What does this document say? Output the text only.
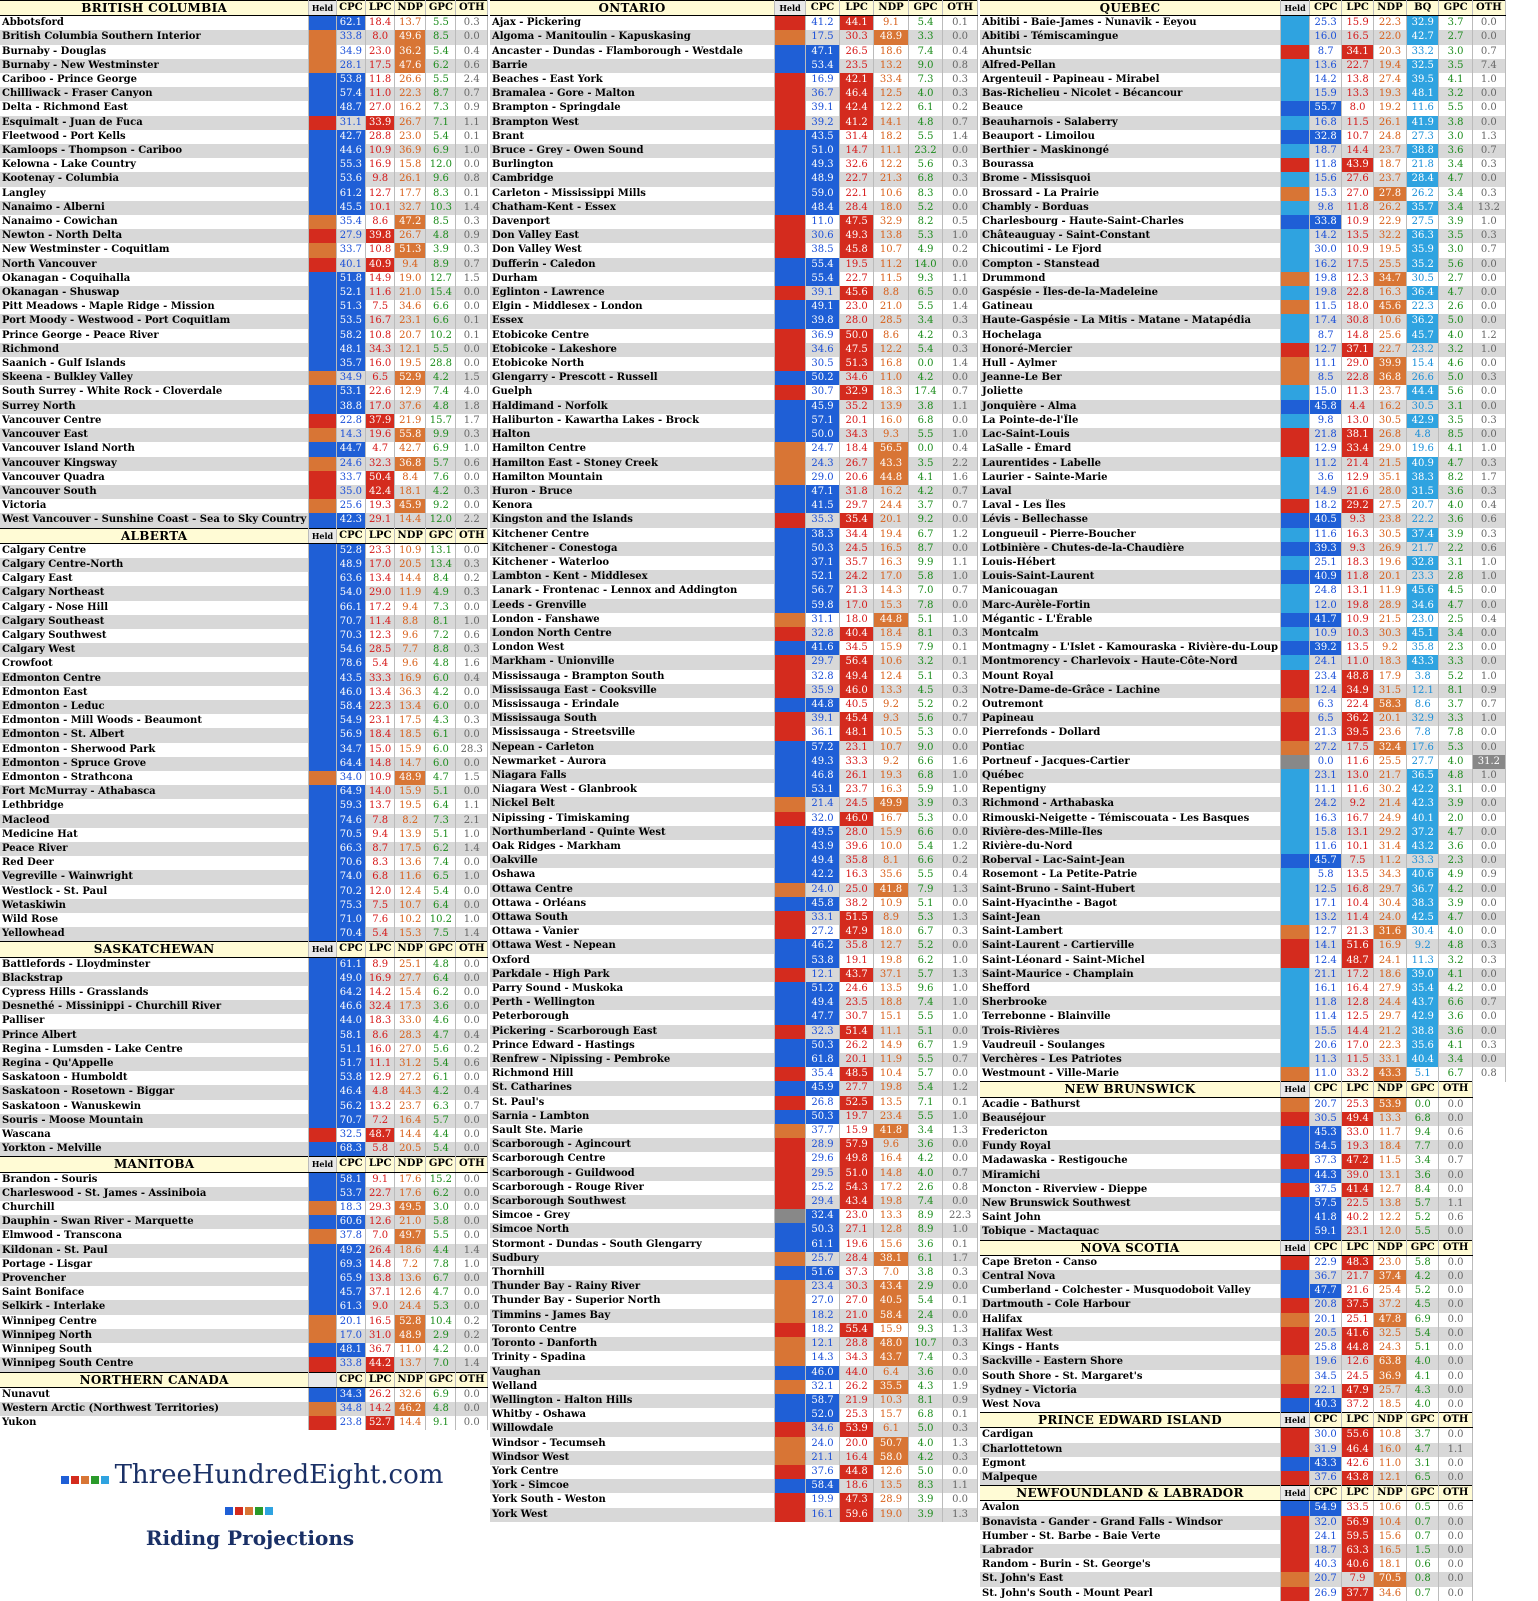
BRITISH COLUMBIA	Held	CPC	LPC	NDP	GPC	OTH
Abbotsford		62.1	18.4	13.7	5.5	0.3
British Columbia Southern Interior		33.8	8.0	49.6	8.5	0.0
Burnaby - Douglas		34.9	23.0	36.2	5.4	0.4
Burnaby - New Westminster		28.1	17.5	47.6	6.2	0.6
Cariboo - Prince George		53.8	11.8	26.6	5.5	2.4
Chilliwack - Fraser Canyon		57.4	11.0	22.3	8.7	0.7
Delta - Richmond East		48.7	27.0	16.2	7.3	0.9
Esquimalt - Juan de Fuca		31.1	33.9	26.7	7.1	1.1
Fleetwood - Port Kells		42.7	28.8	23.0	5.4	0.1
Kamloops - Thompson - Cariboo		44.6	10.9	36.9	6.9	1.0
Kelowna - Lake Country		55.3	16.9	15.8	12.0	0.0
Kootenay - Columbia		53.6	9.8	26.1	9.6	0.8
Langley		61.2	12.7	17.7	8.3	0.1
Nanaimo - Alberni		45.5	10.1	32.7	10.3	1.4
Nanaimo - Cowichan		35.4	8.6	47.2	8.5	0.3
Newton - North Delta		27.9	39.8	26.7	4.8	0.9
New Westminster - Coquitlam		33.7	10.8	51.3	3.9	0.3
North Vancouver		40.1	40.9	9.4	8.9	0.7
Okanagan - Coquihalla		51.8	14.9	19.0	12.7	1.5
Okanagan - Shuswap		52.1	11.6	21.0	15.4	0.0
Pitt Meadows - Maple Ridge - Mission		51.3	7.5	34.6	6.6	0.0
Port Moody - Westwood - Port Coquitlam		53.5	16.7	23.1	6.6	0.1
Prince George - Peace River		58.2	10.8	20.7	10.2	0.1
Richmond		48.1	34.3	12.1	5.5	0.0
Saanich - Gulf Islands		35.7	16.0	19.5	28.8	0.0
Skeena - Bulkley Valley		34.9	6.5	52.9	4.2	1.5
South Surrey - White Rock - Cloverdale		53.1	22.6	12.9	7.4	4.0
Surrey North		38.8	17.0	37.6	4.8	1.8
Vancouver Centre		22.8	37.9	21.9	15.7	1.7
Vancouver East		14.3	19.6	55.8	9.9	0.3
Vancouver Island North		44.7	4.7	42.7	6.9	1.0
Vancouver Kingsway		24.6	32.3	36.8	5.7	0.6
Vancouver Quadra		33.7	50.4	8.4	7.6	0.0
Vancouver South		35.0	42.4	18.1	4.2	0.3
Victoria		25.6	19.3	45.9	9.2	0.0
West Vancouver - Sunshine Coast - Sea to Sky Country		42.3	29.1	14.4	12.0	2.2
ALBERTA	Held	CPC	LPC	NDP	GPC	OTH
Calgary Centre		52.8	23.3	10.9	13.1	0.0
Calgary Centre-North		48.9	17.0	20.5	13.4	0.3
Calgary East		63.6	13.4	14.4	8.4	0.2
Calgary Northeast		54.0	29.0	11.9	4.9	0.3
Calgary - Nose Hill		66.1	17.2	9.4	7.3	0.0
Calgary Southeast		70.7	11.4	8.8	8.1	1.0
Calgary Southwest		70.3	12.3	9.6	7.2	0.6
Calgary West		54.6	28.5	7.7	8.8	0.3
Crowfoot		78.6	5.4	9.6	4.8	1.6
Edmonton Centre		43.5	33.3	16.9	6.0	0.4
Edmonton East		46.0	13.4	36.3	4.2	0.0
Edmonton - Leduc		58.4	22.3	13.4	6.0	0.0
Edmonton - Mill Woods - Beaumont		54.9	23.1	17.5	4.3	0.3
Edmonton - St. Albert		56.9	18.4	18.5	6.1	0.0
Edmonton - Sherwood Park		34.7	15.0	15.9	6.0	28.3
Edmonton - Spruce Grove		64.4	14.8	14.7	6.0	0.0
Edmonton - Strathcona		34.0	10.9	48.9	4.7	1.5
Fort McMurray - Athabasca		64.9	14.0	15.9	5.1	0.0
Lethbridge		59.3	13.7	19.5	6.4	1.1
Macleod		74.6	7.8	8.2	7.3	2.1
Medicine Hat		70.5	9.4	13.9	5.1	1.0
Peace River		66.3	8.7	17.5	6.2	1.4
Red Deer		70.6	8.3	13.6	7.4	0.0
Vegreville - Wainwright		74.0	6.8	11.6	6.5	1.0
Westlock - St. Paul		70.2	12.0	12.4	5.4	0.0
Wetaskiwin		75.3	7.5	10.7	6.4	0.0
Wild Rose		71.0	7.6	10.2	10.2	1.0
Yellowhead		70.4	5.4	15.3	7.5	1.4
SASKATCHEWAN	Held	CPC	LPC	NDP	GPC	OTH
Battlefords - Lloydminster		61.1	8.9	25.1	4.8	0.0
Blackstrap		49.0	16.9	27.7	6.4	0.0
Cypress Hills - Grasslands		64.2	14.2	15.4	6.2	0.0
Desnethé - Missinippi - Churchill River		46.6	32.4	17.3	3.6	0.0
Palliser		44.0	18.3	33.0	4.6	0.0
Prince Albert		58.1	8.6	28.3	4.7	0.4
Regina - Lumsden - Lake Centre		51.1	16.0	27.0	5.6	0.2
Regina - Qu'Appelle		51.7	11.1	31.2	5.4	0.6
Saskatoon - Humboldt		53.8	12.9	27.2	6.1	0.0
Saskatoon - Rosetown - Biggar		46.4	4.8	44.3	4.2	0.4
Saskatoon - Wanuskewin		56.2	13.2	23.7	6.3	0.7
Souris - Moose Mountain		70.7	7.2	16.4	5.7	0.0
Wascana		32.5	48.7	14.4	4.4	0.0
Yorkton - Melville		68.3	5.8	20.5	5.4	0.0
MANITOBA	Held	CPC	LPC	NDP	GPC	OTH
Brandon - Souris		58.1	9.1	17.6	15.2	0.0
Charleswood - St. James - Assiniboia		53.7	22.7	17.6	6.2	0.0
Churchill		18.3	29.3	49.5	3.0	0.0
Dauphin - Swan River - Marquette		60.6	12.6	21.0	5.8	0.0
Elmwood - Transcona		37.8	7.0	49.7	5.5	0.0
Kildonan - St. Paul		49.2	26.4	18.6	4.4	1.4
Portage - Lisgar		69.3	14.8	7.2	7.8	1.0
Provencher		65.9	13.8	13.6	6.7	0.0
Saint Boniface		45.7	37.1	12.6	4.7	0.0
Selkirk - Interlake		61.3	9.0	24.4	5.3	0.0
Winnipeg Centre		20.1	16.5	52.8	10.4	0.2
Winnipeg North		17.0	31.0	48.9	2.9	0.2
Winnipeg South		48.1	36.7	11.0	4.2	0.0
Winnipeg South Centre		33.8	44.2	13.7	7.0	1.4
NORTHERN CANADA		CPC	LPC	NDP	GPC	OTH
Nunavut		34.3	26.2	32.6	6.9	0.0
Western Arctic (Northwest Territories)		34.8	14.2	46.2	4.8	0.0
Yukon		23.8	52.7	14.4	9.1	0.0
ONTARIO	Held	CPC	LPC	NDP	GPC	OTH
Ajax - Pickering		41.2	44.1	9.1	5.4	0.1
Algoma - Manitoulin - Kapuskasing		17.5	30.3	48.9	3.3	0.0
Ancaster - Dundas - Flamborough - Westdale		47.1	26.5	18.6	7.4	0.4
Barrie		53.4	23.5	13.2	9.0	0.8
Beaches - East York		16.9	42.1	33.4	7.3	0.3
Bramalea - Gore - Malton		36.7	46.4	12.5	4.0	0.3
Brampton - Springdale		39.1	42.4	12.2	6.1	0.2
Brampton West		39.2	41.2	14.1	4.8	0.7
Brant		43.5	31.4	18.2	5.5	1.4
Bruce - Grey - Owen Sound		51.0	14.7	11.1	23.2	0.0
Burlington		49.3	32.6	12.2	5.6	0.3
Cambridge		48.9	22.7	21.3	6.8	0.3
Carleton - Mississippi Mills		59.0	22.1	10.6	8.3	0.0
Chatham-Kent - Essex		48.4	28.4	18.0	5.2	0.0
Davenport		11.0	47.5	32.9	8.2	0.5
Don Valley East		30.6	49.3	13.8	5.3	1.0
Don Valley West		38.5	45.8	10.7	4.9	0.2
Dufferin - Caledon		55.4	19.5	11.2	14.0	0.0
Durham		55.4	22.7	11.5	9.3	1.1
Eglinton - Lawrence		39.1	45.6	8.8	6.5	0.0
Elgin - Middlesex - London		49.1	23.0	21.0	5.5	1.4
Essex		39.8	28.0	28.5	3.4	0.3
Etobicoke Centre		36.9	50.0	8.6	4.2	0.3
Etobicoke - Lakeshore		34.6	47.5	12.2	5.4	0.3
Etobicoke North		30.5	51.3	16.8	0.0	1.4
Glengarry - Prescott - Russell		50.2	34.6	11.0	4.2	0.0
Guelph		30.7	32.9	18.3	17.4	0.7
Haldimand - Norfolk		45.9	35.2	13.9	3.8	1.1
Haliburton - Kawartha Lakes - Brock		57.1	20.1	16.0	6.8	0.0
Halton		50.0	34.3	9.3	5.5	1.0
Hamilton Centre		24.7	18.4	56.5	0.0	0.4
Hamilton East - Stoney Creek		24.3	26.7	43.3	3.5	2.2
Hamilton Mountain		29.0	20.6	44.8	4.1	1.6
Huron - Bruce		47.1	31.8	16.2	4.2	0.7
Kenora		41.5	29.7	24.4	3.7	0.7
Kingston and the Islands		35.3	35.4	20.1	9.2	0.0
Kitchener Centre		38.3	34.4	19.4	6.7	1.2
Kitchener - Conestoga		50.3	24.5	16.5	8.7	0.0
Kitchener - Waterloo		37.1	35.7	16.3	9.9	1.1
Lambton - Kent - Middlesex		52.1	24.2	17.0	5.8	1.0
Lanark - Frontenac - Lennox and Addington		56.7	21.3	14.3	7.0	0.7
Leeds - Grenville		59.8	17.0	15.3	7.8	0.0
London - Fanshawe		31.1	18.0	44.8	5.1	1.0
London North Centre		32.8	40.4	18.4	8.1	0.3
London West		41.6	34.5	15.9	7.9	0.1
Markham - Unionville		29.7	56.4	10.6	3.2	0.1
Mississauga - Brampton South		32.8	49.4	12.4	5.1	0.3
Mississauga East - Cooksville		35.9	46.0	13.3	4.5	0.3
Mississauga - Erindale		44.8	40.5	9.2	5.2	0.2
Mississauga South		39.1	45.4	9.3	5.6	0.7
Mississauga - Streetsville		36.1	48.1	10.5	5.3	0.0
Nepean - Carleton		57.2	23.1	10.7	9.0	0.0
Newmarket - Aurora		49.3	33.3	9.2	6.6	1.6
Niagara Falls		46.8	26.1	19.3	6.8	1.0
Niagara West - Glanbrook		53.1	23.7	16.3	5.9	1.0
Nickel Belt		21.4	24.5	49.9	3.9	0.3
Nipissing - Timiskaming		32.0	46.0	16.7	5.3	0.0
Northumberland - Quinte West		49.5	28.0	15.9	6.6	0.0
Oak Ridges - Markham		43.9	39.6	10.0	5.4	1.2
Oakville		49.4	35.8	8.1	6.6	0.2
Oshawa		42.2	16.3	35.6	5.5	0.4
Ottawa Centre		24.0	25.0	41.8	7.9	1.3
Ottawa - Orléans		45.8	38.2	10.9	5.1	0.0
Ottawa South		33.1	51.5	8.9	5.3	1.3
Ottawa - Vanier		27.2	47.9	18.0	6.7	0.3
Ottawa West - Nepean		46.2	35.8	12.7	5.2	0.0
Oxford		53.8	19.1	19.8	6.2	1.0
Parkdale - High Park		12.1	43.7	37.1	5.7	1.3
Parry Sound - Muskoka		51.2	24.6	13.5	9.6	1.0
Perth - Wellington		49.4	23.5	18.8	7.4	1.0
Peterborough		47.7	30.7	15.1	5.5	1.0
Pickering - Scarborough East		32.3	51.4	11.1	5.1	0.0
Prince Edward - Hastings		50.3	26.2	14.9	6.7	1.9
Renfrew - Nipissing - Pembroke		61.8	20.1	11.9	5.5	0.7
Richmond Hill		35.4	48.5	10.4	5.7	0.0
St. Catharines		45.9	27.7	19.8	5.4	1.2
St. Paul's		26.8	52.5	13.5	7.1	0.1
Sarnia - Lambton		50.3	19.7	23.4	5.5	1.0
Sault Ste. Marie		37.7	15.9	41.8	3.4	1.3
Scarborough - Agincourt		28.9	57.9	9.6	3.6	0.0
Scarborough Centre		29.6	49.8	16.4	4.2	0.0
Scarborough - Guildwood		29.5	51.0	14.8	4.0	0.7
Scarborough - Rouge River		25.2	54.3	17.2	2.6	0.8
Scarborough Southwest		29.4	43.4	19.8	7.4	0.0
Simcoe - Grey		32.4	23.0	13.3	8.9	22.3
Simcoe North		50.3	27.1	12.8	8.9	1.0
Stormont - Dundas - South Glengarry		61.1	19.6	15.6	3.6	0.1
Sudbury		25.7	28.4	38.1	6.1	1.7
Thornhill		51.6	37.3	7.0	3.8	0.3
Thunder Bay - Rainy River		23.4	30.3	43.4	2.9	0.0
Thunder Bay - Superior North		27.0	27.0	40.5	5.4	0.1
Timmins - James Bay		18.2	21.0	58.4	2.4	0.0
Toronto Centre		18.2	55.4	15.9	9.3	1.3
Toronto - Danforth		12.1	28.8	48.0	10.7	0.3
Trinity - Spadina		14.3	34.3	43.7	7.4	0.3
Vaughan		46.0	44.0	6.4	3.6	0.0
Welland		32.1	26.2	35.5	4.3	1.9
Wellington - Halton Hills		58.7	21.9	10.3	8.1	0.9
Whitby - Oshawa		52.0	25.3	15.7	6.8	0.1
Willowdale		34.6	53.9	6.1	5.0	0.3
Windsor - Tecumseh		24.0	20.0	50.7	4.0	1.3
Windsor West		21.1	16.4	58.0	4.2	0.3
York Centre		37.6	44.8	12.6	5.0	0.0
York - Simcoe		58.4	18.6	13.5	8.3	1.1
York South - Weston		19.9	47.3	28.9	3.9	0.0
York West		16.1	59.6	19.0	3.9	1.3
QUEBEC	Held	CPC	LPC	NDP	BQ	GPC	OTH
Abitibi - Baie-James - Nunavik - Eeyou		25.3	15.9	22.3	32.9	3.7	0.0
Abitibi - Témiscamingue		16.0	16.5	22.0	42.7	2.7	0.0
Ahuntsic		8.7	34.1	20.3	33.2	3.0	0.7
Alfred-Pellan		13.6	22.7	19.4	32.5	3.5	7.4
Argenteuil - Papineau - Mirabel		14.2	13.8	27.4	39.5	4.1	1.0
Bas-Richelieu - Nicolet - Bécancour		15.9	13.3	19.3	48.1	3.2	0.0
Beauce		55.7	8.0	19.2	11.6	5.5	0.0
Beauharnois - Salaberry		16.8	11.5	26.1	41.9	3.8	0.0
Beauport - Limoilou		32.8	10.7	24.8	27.3	3.0	1.3
Berthier - Maskinongé		18.7	14.4	23.7	38.8	3.6	0.7
Bourassa		11.8	43.9	18.7	21.8	3.4	0.3
Brome - Missisquoi		15.6	27.6	23.7	28.4	4.7	0.0
Brossard - La Prairie		15.3	27.0	27.8	26.2	3.4	0.3
Chambly - Borduas		9.8	11.8	26.2	35.7	3.4	13.2
Charlesbourg - Haute-Saint-Charles		33.8	10.9	22.9	27.5	3.9	1.0
Châteauguay - Saint-Constant		14.2	13.5	32.2	36.3	3.5	0.3
Chicoutimi - Le Fjord		30.0	10.9	19.5	35.9	3.0	0.7
Compton - Stanstead		16.2	17.5	25.5	35.2	5.6	0.0
Drummond		19.8	12.3	34.7	30.5	2.7	0.0
Gaspésie - Îles-de-la-Madeleine		19.8	22.8	16.3	36.4	4.7	0.0
Gatineau		11.5	18.0	45.6	22.3	2.6	0.0
Haute-Gaspésie - La Mitis - Matane - Matapédia		17.4	30.8	10.6	36.2	5.0	0.0
Hochelaga		8.7	14.8	25.6	45.7	4.0	1.2
Honoré-Mercier		12.7	37.1	22.7	23.2	3.2	1.0
Hull - Aylmer		11.1	29.0	39.9	15.4	4.6	0.0
Jeanne-Le Ber		8.5	22.8	36.8	26.6	5.0	0.3
Joliette		15.0	11.3	23.7	44.4	5.6	0.0
Jonquière - Alma		45.8	4.4	16.2	30.5	3.1	0.0
La Pointe-de-l'Île		9.8	13.0	30.5	42.9	3.5	0.3
Lac-Saint-Louis		21.8	38.1	26.8	4.8	8.5	0.0
LaSalle - Émard		12.9	33.4	29.0	19.6	4.1	1.0
Laurentides - Labelle		11.2	21.4	21.5	40.9	4.7	0.3
Laurier - Sainte-Marie		3.6	12.9	35.1	38.3	8.2	1.7
Laval		14.9	21.6	28.0	31.5	3.6	0.3
Laval - Les Îles		18.2	29.2	27.5	20.7	4.0	0.4
Lévis - Bellechasse		40.5	9.3	23.8	22.2	3.6	0.6
Longueuil - Pierre-Boucher		11.6	16.3	30.5	37.4	3.9	0.3
Lotbinière - Chutes-de-la-Chaudière		39.3	9.3	26.9	21.7	2.2	0.6
Louis-Hébert		25.1	18.3	19.6	32.8	3.1	1.0
Louis-Saint-Laurent		40.9	11.8	20.1	23.3	2.8	1.0
Manicouagan		24.8	13.1	11.9	45.6	4.5	0.0
Marc-Aurèle-Fortin		12.0	19.8	28.9	34.6	4.7	0.0
Mégantic - L'Érable		41.7	10.9	21.5	23.0	2.5	0.4
Montcalm		10.9	10.3	30.3	45.1	3.4	0.0
Montmagny - L'Islet - Kamouraska - Rivière-du-Loup		39.2	13.5	9.2	35.8	2.3	0.0
Montmorency - Charlevoix - Haute-Côte-Nord		24.1	11.0	18.3	43.3	3.3	0.0
Mount Royal		23.4	48.8	17.9	3.8	5.2	1.0
Notre-Dame-de-Grâce - Lachine		12.4	34.9	31.5	12.1	8.1	0.9
Outremont		6.3	22.4	58.3	8.6	3.7	0.7
Papineau		6.5	36.2	20.1	32.9	3.3	1.0
Pierrefonds - Dollard		21.3	39.5	23.6	7.8	7.8	0.0
Pontiac		27.2	17.5	32.4	17.6	5.3	0.0
Portneuf - Jacques-Cartier		0.0	11.6	25.5	27.7	4.0	31.2
Québec		23.1	13.0	21.7	36.5	4.8	1.0
Repentigny		11.1	11.6	30.2	42.2	3.1	0.0
Richmond - Arthabaska		24.2	9.2	21.4	42.3	3.9	0.0
Rimouski-Neigette - Témiscouata - Les Basques		16.3	16.7	24.9	40.1	2.0	0.0
Rivière-des-Mille-Îles		15.8	13.1	29.2	37.2	4.7	0.0
Rivière-du-Nord		11.6	10.1	31.4	43.2	3.6	0.0
Roberval - Lac-Saint-Jean		45.7	7.5	11.2	33.3	2.3	0.0
Rosemont - La Petite-Patrie		5.8	13.5	34.3	40.6	4.9	0.9
Saint-Bruno - Saint-Hubert		12.5	16.8	29.7	36.7	4.2	0.0
Saint-Hyacinthe - Bagot		17.1	10.4	30.4	38.3	3.9	0.0
Saint-Jean		13.2	11.4	24.0	42.5	4.7	0.0
Saint-Lambert		12.7	21.3	31.6	30.4	4.0	0.0
Saint-Laurent - Cartierville		14.1	51.6	16.9	9.2	4.8	0.3
Saint-Léonard - Saint-Michel		12.4	48.7	24.1	11.3	3.2	0.3
Saint-Maurice - Champlain		21.1	17.2	18.6	39.0	4.1	0.0
Shefford		16.1	16.4	27.9	35.4	4.2	0.0
Sherbrooke		11.8	12.8	24.4	43.7	6.6	0.7
Terrebonne - Blainville		11.4	12.5	29.7	42.9	3.6	0.0
Trois-Rivières		15.5	14.4	21.2	38.8	3.6	0.0
Vaudreuil - Soulanges		20.6	17.0	22.3	35.6	4.1	0.3
Verchères - Les Patriotes		11.3	11.5	33.1	40.4	3.4	0.0
Westmount - Ville-Marie		11.0	33.2	43.3	5.1	6.7	0.8
NEW BRUNSWICK	Held	CPC	LPC	NDP	GPC	OTH	
Acadie - Bathurst		20.7	25.3	53.9	0.0	0.0	
Beauséjour		30.5	49.4	13.3	6.8	0.0	
Fredericton		45.3	33.0	11.7	9.4	0.6	
Fundy Royal		54.5	19.3	18.4	7.7	0.0	
Madawaska - Restigouche		37.3	47.2	11.5	3.4	0.7	
Miramichi		44.3	39.0	13.1	3.6	0.0	
Moncton - Riverview - Dieppe		37.5	41.4	12.7	8.4	0.0	
New Brunswick Southwest		57.5	22.5	13.8	5.7	1.1	
Saint John		41.8	40.2	12.2	5.2	0.6	
Tobique - Mactaquac		59.1	23.1	12.0	5.5	0.0	
NOVA SCOTIA	Held	CPC	LPC	NDP	GPC	OTH	
Cape Breton - Canso		22.9	48.3	23.0	5.8	0.0	
Central Nova		36.7	21.7	37.4	4.2	0.0	
Cumberland - Colchester - Musquodoboit Valley		47.7	21.6	25.4	5.2	0.0	
Dartmouth - Cole Harbour		20.8	37.5	37.2	4.5	0.0	
Halifax		20.1	25.1	47.8	6.9	0.0	
Halifax West		20.5	41.6	32.5	5.4	0.0	
Kings - Hants		25.8	44.8	24.3	5.1	0.0	
Sackville - Eastern Shore		19.6	12.6	63.8	4.0	0.0	
South Shore - St. Margaret's		34.5	24.5	36.9	4.1	0.0	
Sydney - Victoria		22.1	47.9	25.7	4.3	0.0	
West Nova		40.3	37.2	18.5	4.0	0.0	
PRINCE EDWARD ISLAND	Held	CPC	LPC	NDP	GPC	OTH	
Cardigan		30.0	55.6	10.8	3.7	0.0	
Charlottetown		31.9	46.4	16.0	4.7	1.1	
Egmont		43.3	42.6	11.0	3.1	0.0	
Malpeque		37.6	43.8	12.1	6.5	0.0	
NEWFOUNDLAND & LABRADOR	Held	CPC	LPC	NDP	GPC	OTH	
Avalon		54.9	33.5	10.6	0.5	0.6	
Bonavista - Gander - Grand Falls - Windsor		32.0	56.9	10.4	0.7	0.0	
Humber - St. Barbe - Baie Verte		24.1	59.5	15.6	0.7	0.0	
Labrador		18.7	63.3	16.5	1.5	0.0	
Random - Burin - St. George's		40.3	40.6	18.1	0.6	0.0	
St. John's East		20.7	7.9	70.5	0.8	0.0	
St. John's South - Mount Pearl		26.9	37.7	34.6	0.7	0.0	
ThreeHundredEight.com
Riding Projections
